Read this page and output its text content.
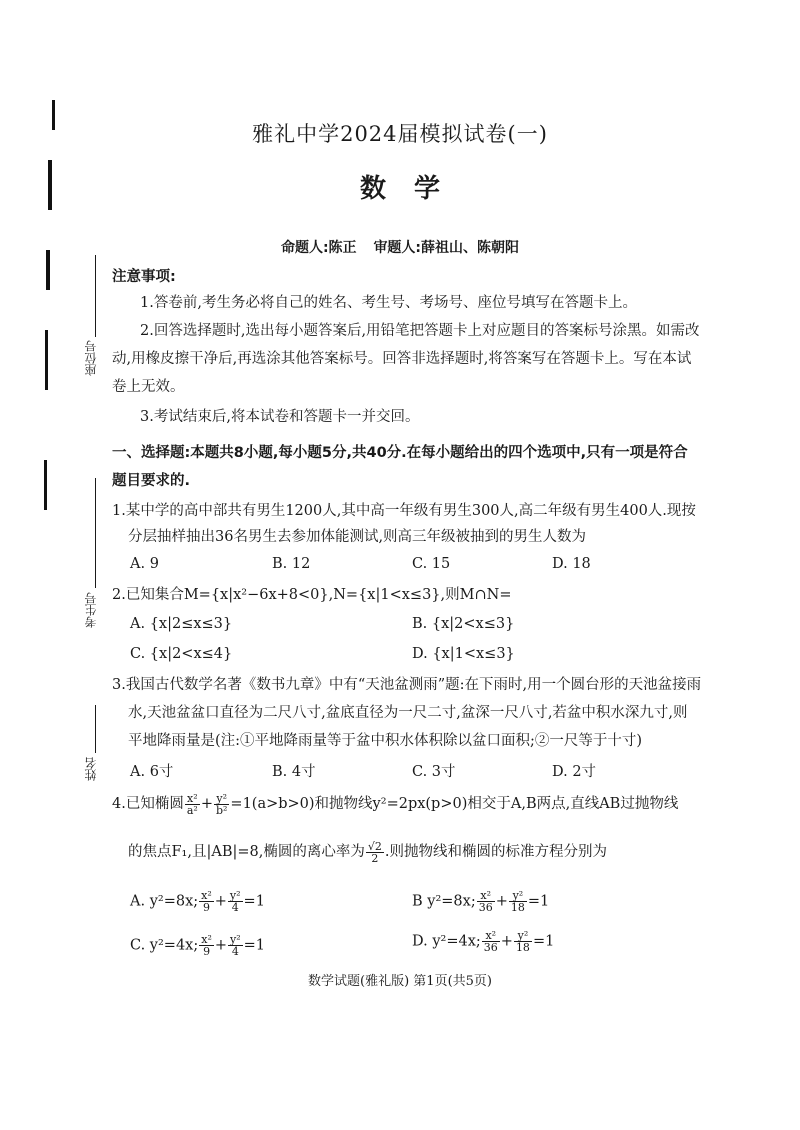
座位号
考生号
姓名
雅礼中学2024届模拟试卷(一)
数学
命题人:陈正 审题人:薛祖山、陈朝阳
注意事项:
1.答卷前,考生务必将自己的姓名、考生号、考场号、座位号填写在答题卡上。
2.回答选择题时,选出每小题答案后,用铅笔把答题卡上对应题目的答案标号涂黑。如需改
动,用橡皮擦干净后,再选涂其他答案标号。回答非选择题时,将答案写在答题卡上。写在本试
卷上无效。
3.考试结束后,将本试卷和答题卡一并交回。
一、选择题:本题共8小题,每小题5分,共40分.在每小题给出的四个选项中,只有一项是符合
题目要求的.
1.某中学的高中部共有男生1200人,其中高一年级有男生300人,高二年级有男生400人.现按
分层抽样抽出36名男生去参加体能测试,则高三年级被抽到的男生人数为
A. 9	B. 12	C. 15	D. 18
2.已知集合M={x|x²−6x+8<0},N={x|1<x≤3},则M∩N=
A. {x|2≤x≤3}	B. {x|2<x≤3}
C. {x|2<x≤4}	D. {x|1<x≤3}
3.我国古代数学名著《数书九章》中有“天池盆测雨”题:在下雨时,用一个圆台形的天池盆接雨
水,天池盆盆口直径为二尺八寸,盆底直径为一尺二寸,盆深一尺八寸,若盆中积水深九寸,则
平地降雨量是(注:①平地降雨量等于盆中积水体积除以盆口面积;②一尺等于十寸)
A. 6寸	B. 4寸	C. 3寸	D. 2寸
4.已知椭圆 $\frac{\text{x²}}{\text{a²}} + \frac{\text{y²}}{\text{b²}} =1(a>b>0)$和抛物线y²=2px(p>0)相交于A,B两点,直线AB过抛物线
的焦点F₁,且|AB|=8,椭圆的离心率为 $\frac{√2}{2}$ .则抛物线和椭圆的标准方程分别为
A. y²=8x; $\frac{\text{x²}}{9} + \frac{\text{y²}}{4} =1$	B y²=8x; $\frac{\text{x²}}{36} + \frac{\text{y²}}{18} =1$
C. y²=4x; $\frac{\text{x²}}{9} + \frac{\text{y²}}{4} =1$	D. y²=4x; $\frac{\text{x²}}{36} + \frac{\text{y²}}{18} =1$
数学试题(雅礼版) 第1页(共5页)
